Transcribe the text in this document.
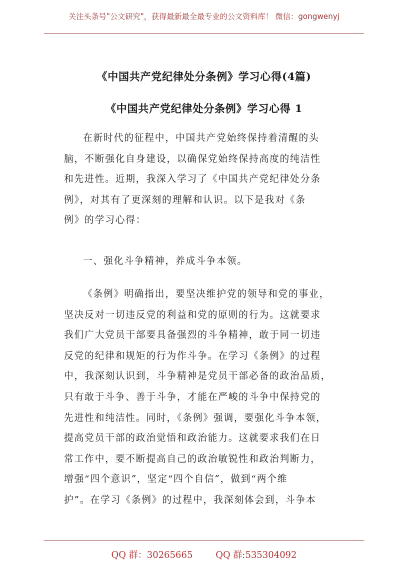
关注头条号"公文研究"，获得最新最全最专业的公文资料库！ 微信：gongwenyj
《中国共产党纪律处分条例》学习心得(4篇)
《中国共产党纪律处分条例》学习心得 1
在新时代的征程中，中国共产党始终保持着清醒的头
脑，不断强化自身建设，以确保党始终保持高度的纯洁性
和先进性。近期，我深入学习了《中国共产党纪律处分条
例》，对其有了更深刻的理解和认识。以下是我对《条
例》的学习心得：
一、强化斗争精神，养成斗争本领。
《条例》明确指出，要坚决维护党的领导和党的事业，
坚决反对一切违反党的利益和党的原则的行为。这就要求
我们广大党员干部要具备强烈的斗争精神，敢于同一切违
反党的纪律和规矩的行为作斗争。在学习《条例》的过程
中，我深刻认识到，斗争精神是党员干部必备的政治品质，
只有敢于斗争、善于斗争，才能在严峻的斗争中保持党的
先进性和纯洁性。同时，《条例》强调，要强化斗争本领，
提高党员干部的政治觉悟和政治能力。这就要求我们在日
常工作中，要不断提高自己的政治敏锐性和政治判断力，
增强“四个意识”，坚定“四个自信”，做到“两个维
护”。在学习《条例》的过程中，我深刻体会到，斗争本
QQ 群：30265665	QQ 群:535304092
